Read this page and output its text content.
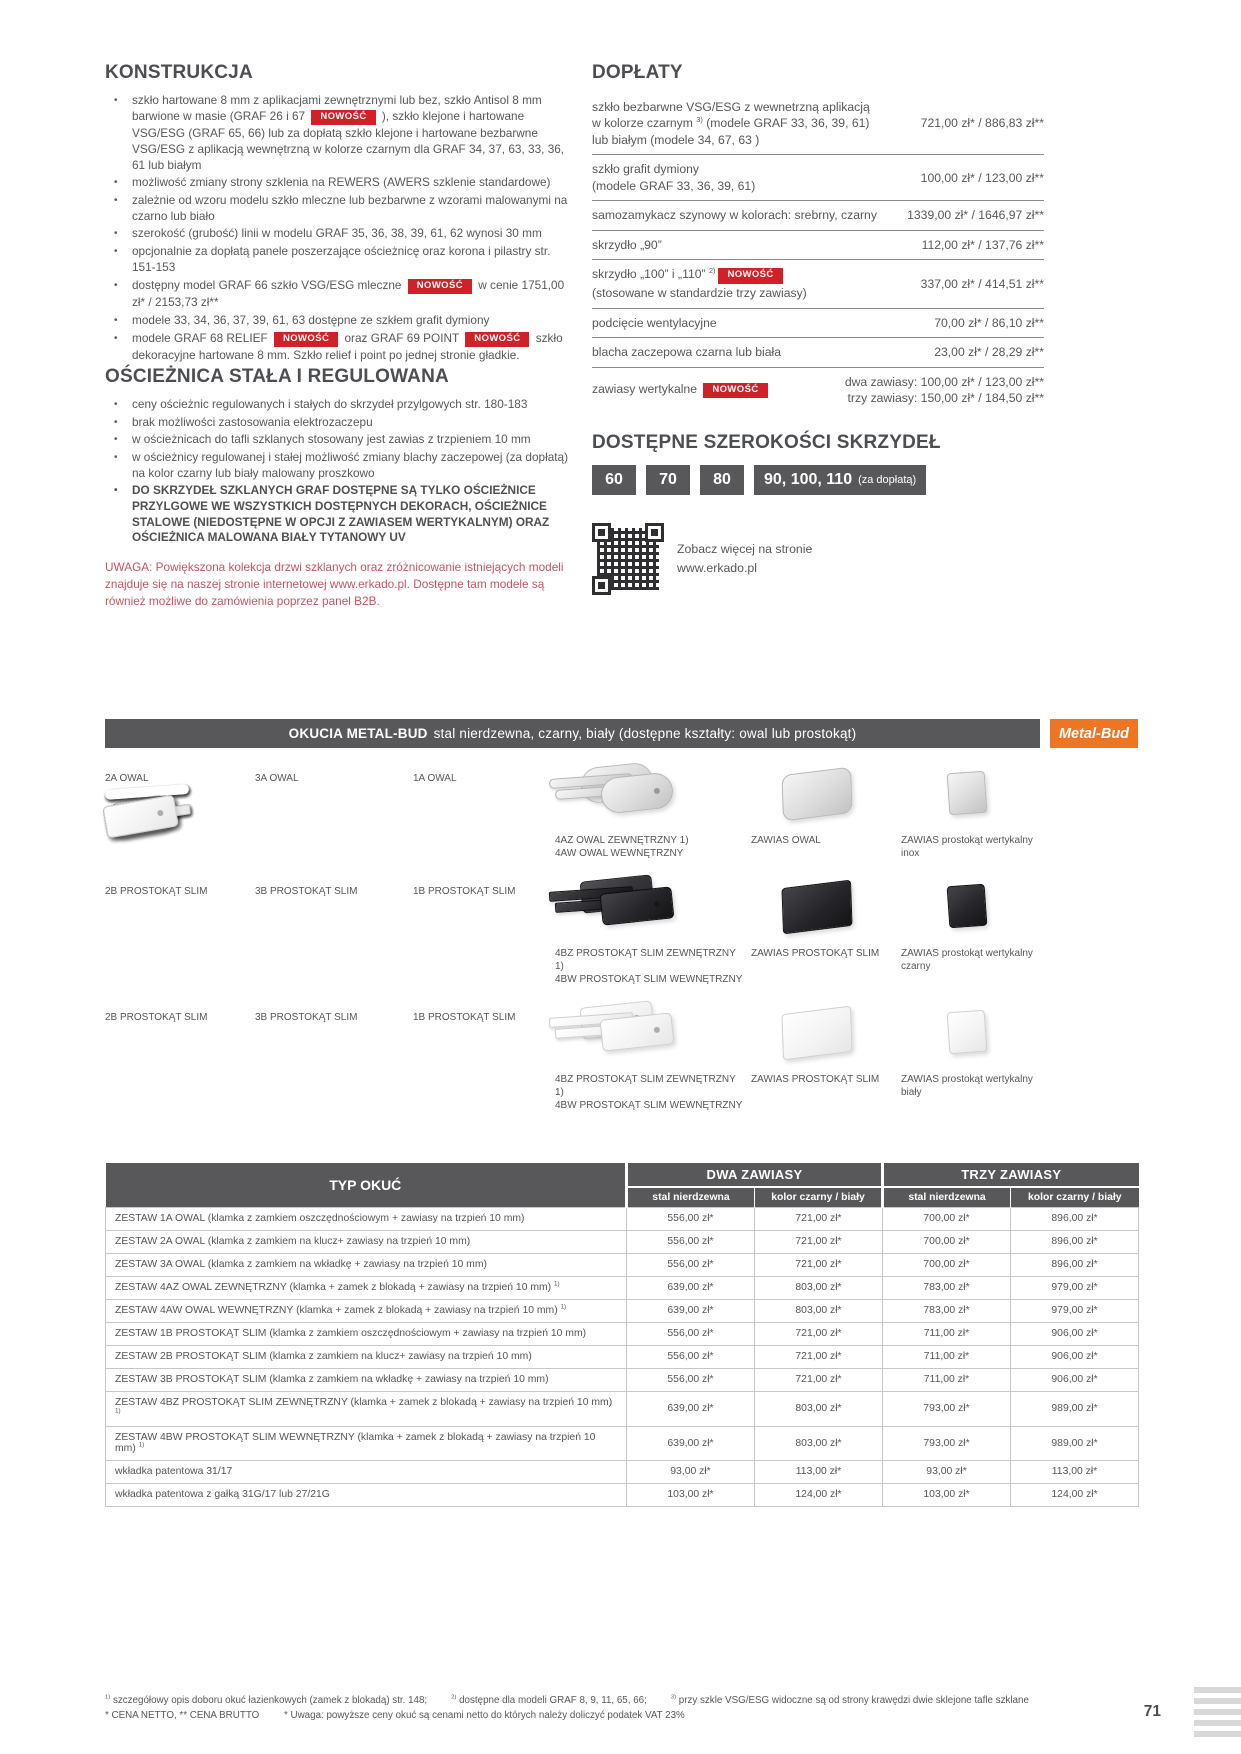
KONSTRUKCJA
• szkło hartowane 8 mm z aplikacjami zewnętrznymi lub bez, szkło Antisol 8 mm barwione w masie (GRAF 26 i 67 NOWOŚĆ ), szkło klejone i hartowane VSG/ESG (GRAF 65, 66) lub za dopłatą szkło klejone i hartowane bezbarwne VSG/ESG z aplikacją wewnętrzną w kolorze czarnym dla GRAF 34, 37, 63, 33, 36, 61 lub białym
• możliwość zmiany strony szklenia na REWERS (AWERS szklenie standardowe)
• zależnie od wzoru modelu szkło mleczne lub bezbarwne z wzorami malowanymi na czarno lub biało
• szerokość (grubość) linii w modelu GRAF 35, 36, 38, 39, 61, 62 wynosi 30 mm
• opcjonalnie za dopłatą panele poszerzające ościeżnicę oraz korona i pilastry str. 151-153
• dostępny model GRAF 66 szkło VSG/ESG mleczne NOWOŚĆ w cenie 1751,00 zł* / 2153,73 zł**
• modele 33, 34, 36, 37, 39, 61, 63 dostępne ze szkłem grafit dymiony
• modele GRAF 68 RELIEF NOWOŚĆ oraz GRAF 69 POINT NOWOŚĆ szkło dekoracyjne hartowane 8 mm. Szkło relief i point po jednej stronie gładkie.
OŚCIEŻNICA STAŁA I REGULOWANA
• ceny ościeżnic regulowanych i stałych do skrzydeł przylgowych str. 180-183
• brak możliwości zastosowania elektrozaczepu
• w ościeżnicach do tafli szklanych stosowany jest zawias z trzpieniem 10 mm
• w ościeżnicy regulowanej i stałej możliwość zmiany blachy zaczepowej (za dopłatą) na kolor czarny lub biały malowany proszkowo
• DO SKRZYDEŁ SZKLANYCH GRAF DOSTĘPNE SĄ TYLKO OŚCIEŻNICE PRZYLGOWE WE WSZYSTKICH DOSTĘPNYCH DEKORACH, OŚCIEŻNICE STALOWE (NIEDOSTĘPNE W OPCJI Z ZAWIASEM WERTYKALNYM) ORAZ OŚCIEŻNICA MALOWANA BIAŁY TYTANOWY UV

UWAGA: Powiększona kolekcja drzwi szklanych oraz zróżnicowanie istniejących modeli znajduje się na naszej stronie internetowej www.erkado.pl. Dostępne tam modele są również możliwe do zamówienia poprzez panel B2B.

DOPŁATY
szkło bezbarwne VSG/ESG z wewnetrzną aplikacją
w kolorze czarnym $^{3)}$ (modele GRAF 33, 36, 39, 61)
lub białym (modele 34, 67, 63 )
721,00 zł* / 886,83 zł**
szkło grafit dymiony
(modele GRAF 33, 36, 39, 61)
100,00 zł* / 123,00 zł**
samozamykacz szynowy w kolorach: srebrny, czarny 1339,00 zł* / 1646,97 zł**
skrzydło „90”	112,00 zł* / 137,76 zł**
skrzydło „100” i „110” $^{2)}$ NOWOŚĆ
(stosowane w standardzie trzy zawiasy)
337,00 zł* / 414,51 zł**
podcięcie wentylacyjne	70,00 zł* / 86,10 zł**
blacha zaczepowa czarna lub biała	23,00 zł* / 28,29 zł**
zawiasy wertykalne NOWOŚĆ
dwa zawiasy: 100,00 zł* / 123,00 zł**
trzy zawiasy: 150,00 zł* / 184,50 zł**
DOSTĘPNE SZEROKOŚCI SKRZYDEŁ
60 70 80 90, 100, 110 (za dopłatą)
Zobacz więcej na stronie
www.erkado.pl
OKUCIA METAL-BUD stal nierdzewna, czarny, biały (dostępne kształty: owal lub prostokąt)	Metal-Bud
2A OWAL	3A OWAL	1A OWAL
4AZ OWAL ZEWNĘTRZNY 1)
4AW OWAL WEWNĘTRZNY
ZAWIAS OWAL	ZAWIAS prostokąt wertykalny
inox
2B PROSTOKĄT SLIM	3B PROSTOKĄT SLIM	1B PROSTOKĄT SLIM
4BZ PROSTOKĄT SLIM ZEWNĘTRZNY 1)
4BW PROSTOKĄT SLIM WEWNĘTRZNY
ZAWIAS PROSTOKĄT SLIM	ZAWIAS prostokąt wertykalny
czarny
2B PROSTOKĄT SLIM	3B PROSTOKĄT SLIM	1B PROSTOKĄT SLIM
4BZ PROSTOKĄT SLIM ZEWNĘTRZNY 1)
4BW PROSTOKĄT SLIM WEWNĘTRZNY
ZAWIAS PROSTOKĄT SLIM	ZAWIAS prostokąt wertykalny
biały
TYP OKUĆ	DWA ZAWIASY		TRZY ZAWIASY	
	stal nierdzewna	kolor czarny / biały	stal nierdzewna	kolor czarny / biały
ZESTAW 1A OWAL (klamka z zamkiem oszczędnościowym + zawiasy na trzpień 10 mm)	556,00 zł*	721,00 zł*	700,00 zł*	896,00 zł*
ZESTAW 2A OWAL (klamka z zamkiem na klucz+ zawiasy na trzpień 10 mm)	556,00 zł*	721,00 zł*	700,00 zł*	896,00 zł*
ZESTAW 3A OWAL (klamka z zamkiem na wkładkę + zawiasy na trzpień 10 mm)	556,00 zł*	721,00 zł*	700,00 zł*	896,00 zł*
ZESTAW 4AZ OWAL ZEWNĘTRZNY (klamka + zamek z blokadą + zawiasy na trzpień 10 mm) $^{1)}$	639,00 zł*	803,00 zł*	783,00 zł*	979,00 zł*
ZESTAW 4AW OWAL WEWNĘTRZNY (klamka + zamek z blokadą + zawiasy na trzpień 10 mm) $^{1)}$	639,00 zł*	803,00 zł*	783,00 zł*	979,00 zł*
ZESTAW 1B PROSTOKĄT SLIM (klamka z zamkiem oszczędnościowym + zawiasy na trzpień 10 mm)	556,00 zł*	721,00 zł*	711,00 zł*	906,00 zł*
ZESTAW 2B PROSTOKĄT SLIM (klamka z zamkiem na klucz+ zawiasy na trzpień 10 mm)	556,00 zł*	721,00 zł*	711,00 zł*	906,00 zł*
ZESTAW 3B PROSTOKĄT SLIM (klamka z zamkiem na wkładkę + zawiasy na trzpień 10 mm)	556,00 zł*	721,00 zł*	711,00 zł*	906,00 zł*
ZESTAW 4BZ PROSTOKĄT SLIM ZEWNĘTRZNY (klamka + zamek z blokadą + zawiasy na trzpień 10 mm) $^{1)}$	639,00 zł*	803,00 zł*	793,00 zł*	989,00 zł*
ZESTAW 4BW PROSTOKĄT SLIM WEWNĘTRZNY (klamka + zamek z blokadą + zawiasy na trzpień 10 mm) $^{1)}$	639,00 zł*	803,00 zł*	793,00 zł*	989,00 zł*
wkładka patentowa 31/17	93,00 zł*	113,00 zł*	93,00 zł*	113,00 zł*
wkładka patentowa z gałką 31G/17 lub 27/21G	103,00 zł*	124,00 zł*	103,00 zł*	124,00 zł*
$^{1)}$ szczegółowy opis doboru okuć łazienkowych (zamek z blokadą) str. 148;	$^{2)}$ dostępne dla modeli GRAF 8, 9, 11, 65, 66;	$^{3)}$ przy szkle VSG/ESG widoczne są od strony krawędzi dwie sklejone tafle szklane
* CENA NETTO, ** CENA BRUTTO	* Uwaga: powyższe ceny okuć są cenami netto do których należy doliczyć podatek VAT 23%	71
